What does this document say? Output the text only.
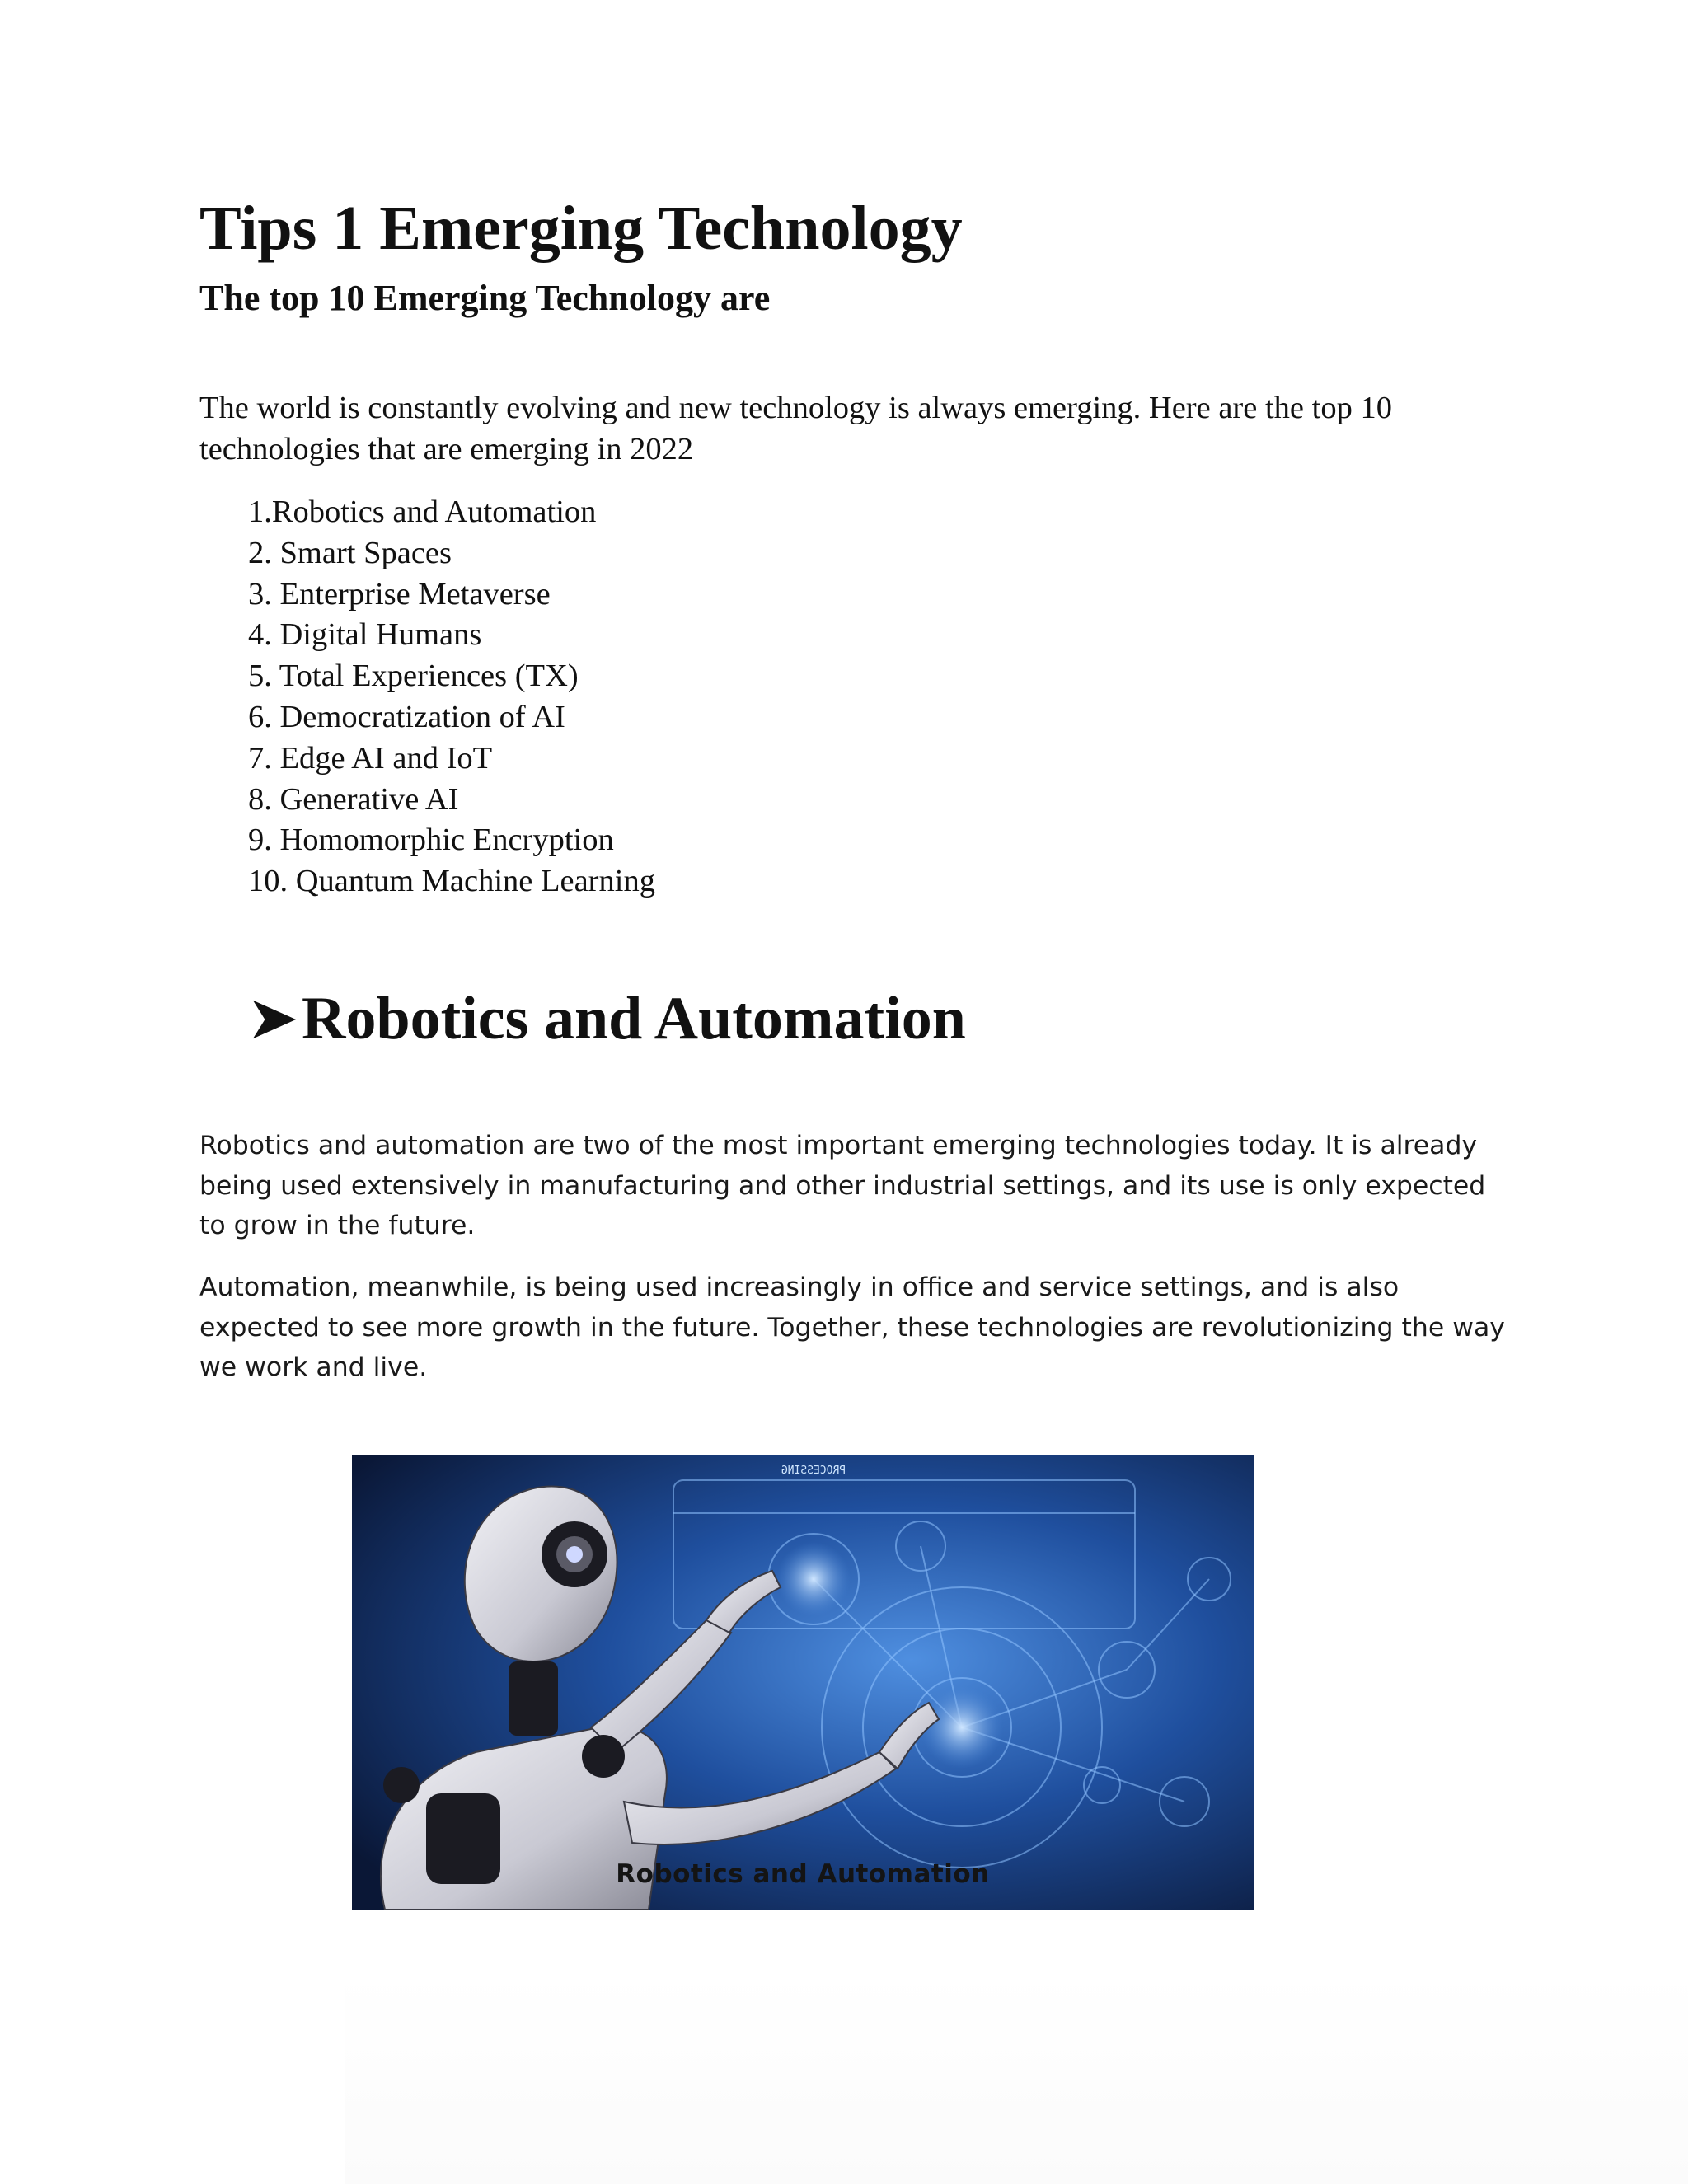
Tips 1 Emerging Technology
The top 10 Emerging Technology are
The world is constantly evolving and new technology is always emerging. Here are the top 10 technologies that are emerging in 2022
1.Robotics and Automation
2. Smart Spaces
3. Enterprise Metaverse
4. Digital Humans
5. Total Experiences (TX)
6. Democratization of AI
7. Edge AI and IoT
8. Generative AI
9. Homomorphic Encryption
10. Quantum Machine Learning
Robotics and Automation
Robotics and automation are two of the most important emerging technologies today. It is already being used extensively in manufacturing and other industrial settings, and its use is only expected to grow in the future.
Automation, meanwhile, is being used increasingly in office and service settings, and is also expected to see more growth in the future. Together, these technologies are revolutionizing the way we work and live.
PROCESSING
Robotics and Automation
